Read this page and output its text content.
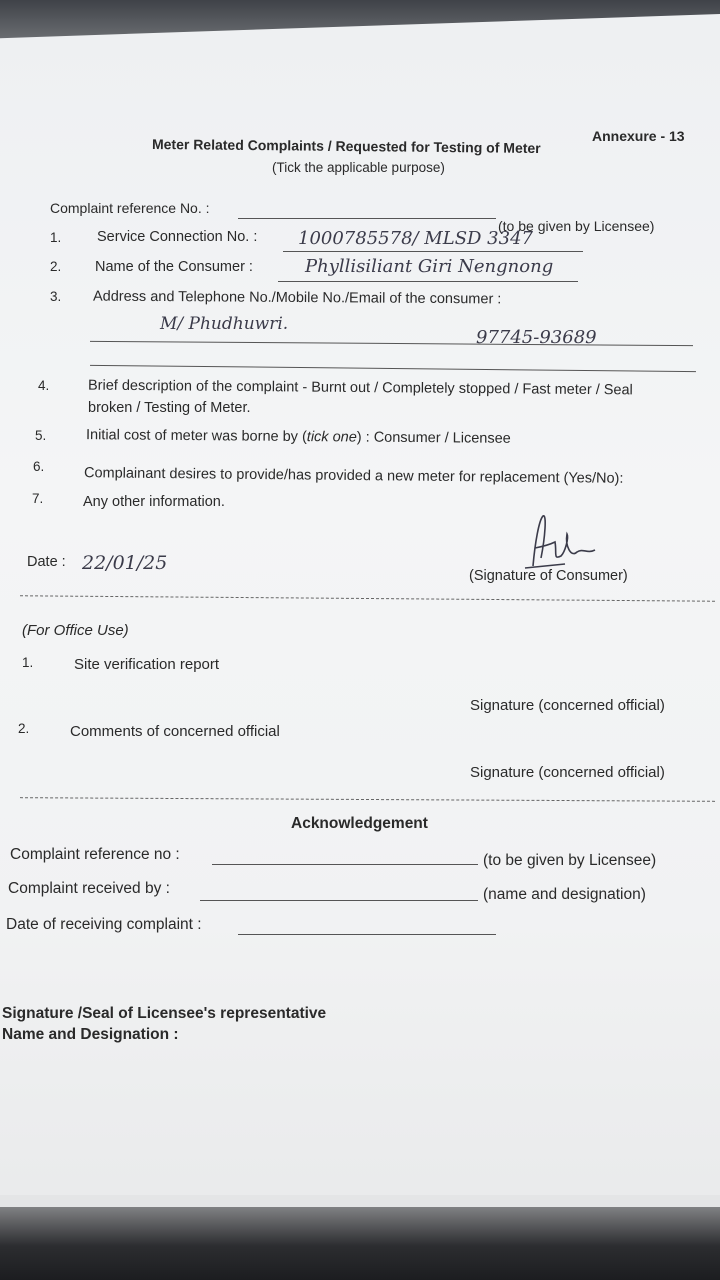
Annexure - 13
Meter Related Complaints / Requested for Testing of Meter
(Tick the applicable purpose)
Complaint reference No. :
(to be given by Licensee)
1. Service Connection No. : 1000785578/ MLSD 3347
2. Name of the Consumer :	Phyllisiliant Giri Nengnong
3. Address and Telephone No./Mobile No./Email of the consumer :
M/ Phudhuwri.
97745-93689
4.	Brief description of the complaint - Burnt out / Completely stopped / Fast meter / Seal
broken / Testing of Meter.
5.	Initial cost of meter was borne by (tick one) : Consumer / Licensee
6.	Complainant desires to provide/has provided a new meter for replacement (Yes/No):
7.	Any other information.
Date : 22/01/25
(Signature of Consumer)
(For Office Use)
1.	Site verification report
Signature (concerned official)
2.	Comments of concerned official
Signature (concerned official)
Acknowledgement
Complaint reference no :	(to be given by Licensee)
Complaint received by :	(name and designation)
Date of receiving complaint :
Signature /Seal of Licensee's representative
Name and Designation :
